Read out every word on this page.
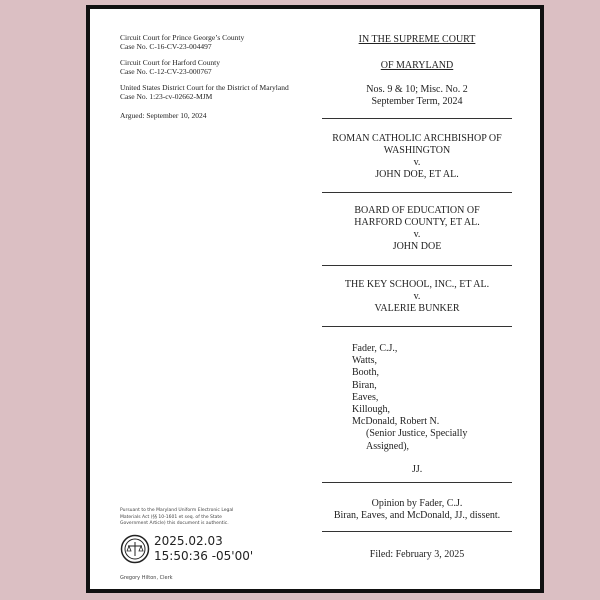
Circuit Court for Prince George’s County
Case No. C-16-CV-23-004497
Circuit Court for Harford County
Case No. C-12-CV-23-000767
United States District Court for the District of Maryland
Case No. 1:23-cv-02662-MJM
Argued: September 10, 2024
IN THE SUPREME COURT
OF MARYLAND
Nos. 9 & 10; Misc. No. 2
September Term, 2024
ROMAN CATHOLIC ARCHBISHOP OF
WASHINGTON
v.
JOHN DOE, ET AL.
BOARD OF EDUCATION OF
HARFORD COUNTY, ET AL.
v.
JOHN DOE
THE KEY SCHOOL, INC., ET AL.
v.
VALERIE BUNKER
Fader, C.J.,
Watts,
Booth,
Biran,
Eaves,
Killough,
McDonald, Robert N.
(Senior Justice, Specially
Assigned),
JJ.
Opinion by Fader, C.J.
Biran, Eaves, and McDonald, JJ., dissent.
Filed: February 3, 2025
Pursuant to the Maryland Uniform Electronic Legal
Materials Act (§§ 10-1601 et seq. of the State
Government Article) this document is authentic.
2025.02.03
15:50:36 -05'00'
Gregory Hilton, Clerk
